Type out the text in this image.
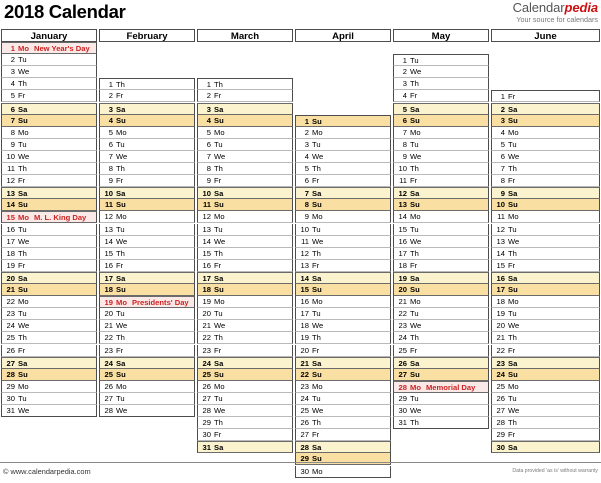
2018 Calendar	Calendarpedia
Your source for calendars
January
1 Mo New Year's Day
2 Tu
3 We
4 Th
5 Fr
6 Sa
7 Su
8 Mo
9 Tu
10 We
11 Th
12 Fr
13 Sa
14 Su
15 Mo M. L. King Day
16 Tu
17 We
18 Th
19 Fr
20 Sa
21 Su
22 Mo
23 Tu
24 We
25 Th
26 Fr
27 Sa
28 Su
29 Mo
30 Tu
31 We
February
1 Th
2 Fr
3 Sa
4 Su
5 Mo
6 Tu
7 We
8 Th
9 Fr
10 Sa
11 Su
12 Mo
13 Tu
14 We
15 Th
16 Fr
17 Sa
18 Su
19 Mo Presidents' Day
20 Tu
21 We
22 Th
23 Fr
24 Sa
25 Su
26 Mo
27 Tu
28 We
March
1 Th
2 Fr
3 Sa
4 Su
5 Mo
6 Tu
7 We
8 Th
9 Fr
10 Sa
11 Su
12 Mo
13 Tu
14 We
15 Th
16 Fr
17 Sa
18 Su
19 Mo
20 Tu
21 We
22 Th
23 Fr
24 Sa
25 Su
26 Mo
27 Tu
28 We
29 Th
30 Fr
31 Sa
April
1 Su
2 Mo
3 Tu
4 We
5 Th
6 Fr
7 Sa
8 Su
9 Mo
10 Tu
11 We
12 Th
13 Fr
14 Sa
15 Su
16 Mo
17 Tu
18 We
19 Th
20 Fr
21 Sa
22 Su
23 Mo
24 Tu
25 We
26 Th
27 Fr
28 Sa
29 Su
30 Mo
May
1 Tu
2 We
3 Th
4 Fr
5 Sa
6 Su
7 Mo
8 Tu
9 We
10 Th
11 Fr
12 Sa
13 Su
14 Mo
15 Tu
16 We
17 Th
18 Fr
19 Sa
20 Su
21 Mo
22 Tu
23 We
24 Th
25 Fr
26 Sa
27 Su
28 Mo Memorial Day
29 Tu
30 We
31 Th
June
1 Fr
2 Sa
3 Su
4 Mo
5 Tu
6 We
7 Th
8 Fr
9 Sa
10 Su
11 Mo
12 Tu
13 We
14 Th
15 Fr
16 Sa
17 Su
18 Mo
19 Tu
20 We
21 Th
22 Fr
23 Sa
24 Su
25 Mo
26 Tu
27 We
28 Th
29 Fr
30 Sa
© www.calendarpedia.com	Data provided 'as is' without warranty
